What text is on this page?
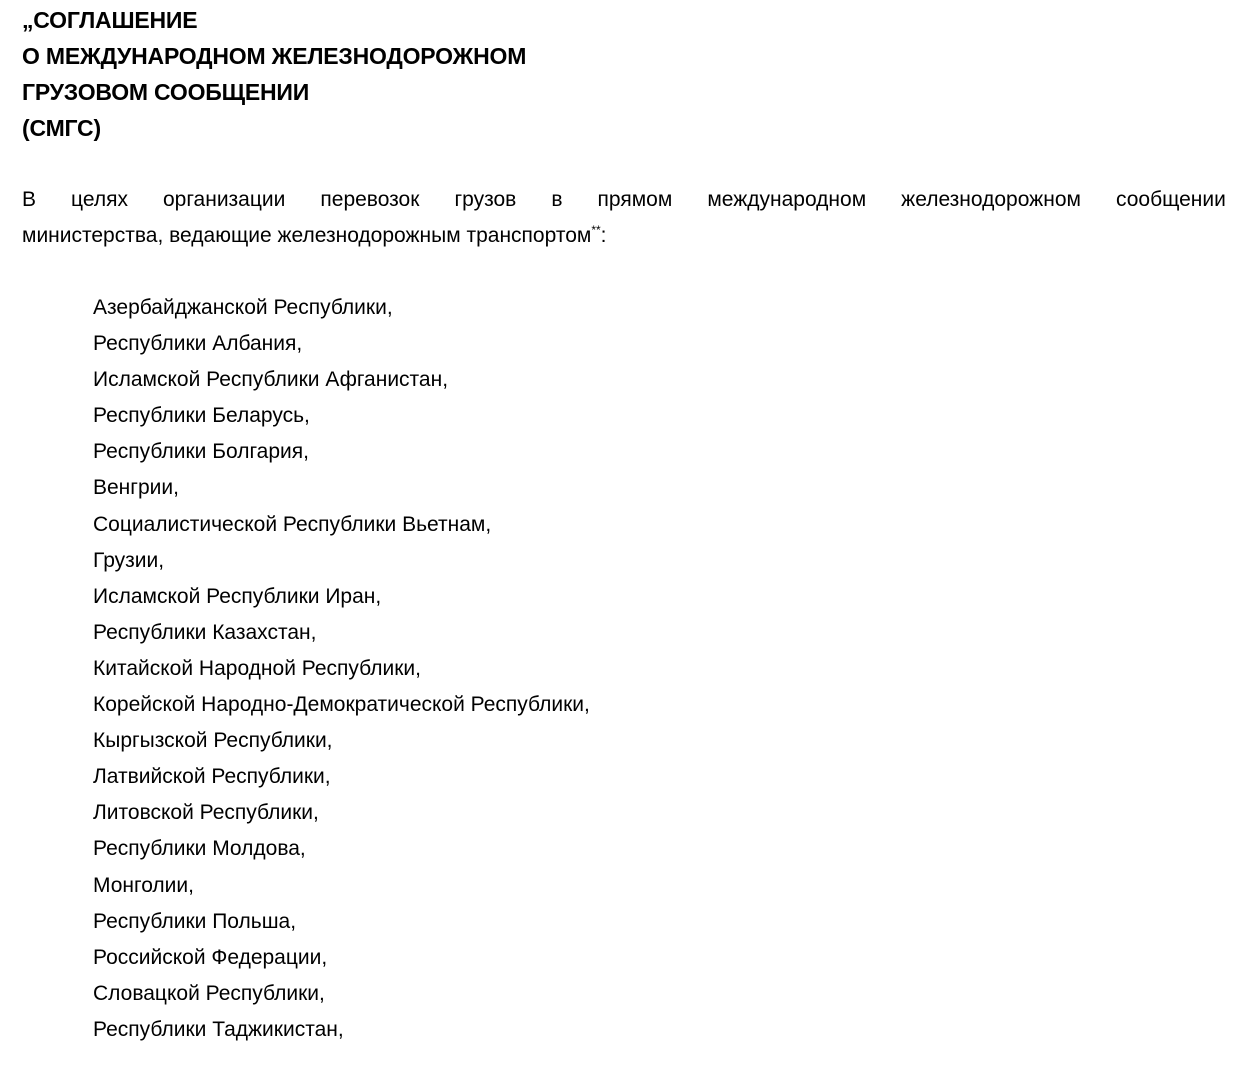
„СОГЛАШЕНИЕ
О МЕЖДУНАРОДНОМ ЖЕЛЕЗНОДОРОЖНОМ
ГРУЗОВОМ СООБЩЕНИИ
(СМГС)
В целях организации перевозок грузов в прямом международном железнодорожном сообщении
министерства, ведающие железнодорожным транспортом**:
Азербайджанской Республики,
Республики Албания,
Исламской Республики Афганистан,
Республики Беларусь,
Республики Болгария,
Венгрии,
Социалистической Республики Вьетнам,
Грузии,
Исламской Республики Иран,
Республики Казахстан,
Китайской Народной Республики,
Корейской Народно-Демократической Республики,
Кыргызской Республики,
Латвийской Республики,
Литовской Республики,
Республики Молдова,
Монголии,
Республики Польша,
Российской Федерации,
Словацкой Республики,
Республики Таджикистан,
